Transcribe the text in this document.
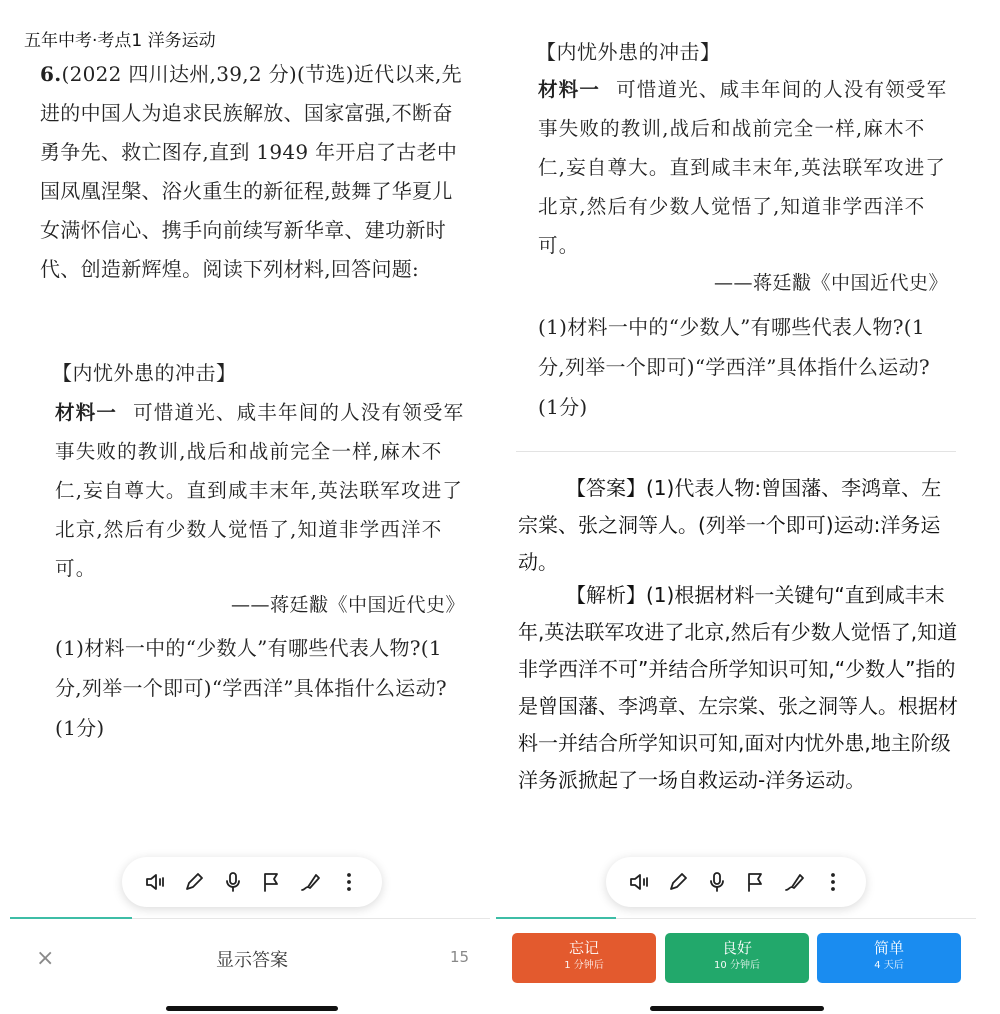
五年中考·考点1 洋务运动
6.(2022 四川达州,39,2 分)(节选)近代以来,先进的中国人为追求民族解放、国家富强,不断奋勇争先、救亡图存,直到 1949 年开启了古老中国凤凰涅槃、浴火重生的新征程,鼓舞了华夏儿女满怀信心、携手向前续写新华章、建功新时代、创造新辉煌。阅读下列材料,回答问题:
【内忧外患的冲击】
材料一 可惜道光、咸丰年间的人没有领受军事失败的教训,战后和战前完全一样,麻木不仁,妄自尊大。直到咸丰末年,英法联军攻进了北京,然后有少数人觉悟了,知道非学西洋不可。
——蒋廷黻《中国近代史》
(1)材料一中的“少数人”有哪些代表人物?(1分,列举一个即可)“学西洋”具体指什么运动?(1分)
×	显示答案	15
【内忧外患的冲击】
材料一 可惜道光、咸丰年间的人没有领受军事失败的教训,战后和战前完全一样,麻木不仁,妄自尊大。直到咸丰末年,英法联军攻进了北京,然后有少数人觉悟了,知道非学西洋不可。
——蒋廷黻《中国近代史》
(1)材料一中的“少数人”有哪些代表人物?(1分,列举一个即可)“学西洋”具体指什么运动?(1分)
【答案】(1)代表人物:曾国藩、李鸿章、左宗棠、张之洞等人。(列举一个即可)运动:洋务运动。
【解析】(1)根据材料一关键句“直到咸丰末年,英法联军攻进了北京,然后有少数人觉悟了,知道非学西洋不可”并结合所学知识可知,“少数人”指的是曾国藩、李鸿章、左宗棠、张之洞等人。根据材料一并结合所学知识可知,面对内忧外患,地主阶级洋务派掀起了一场自救运动-洋务运动。
忘记
1 分钟后
良好
10 分钟后
简单
4 天后
